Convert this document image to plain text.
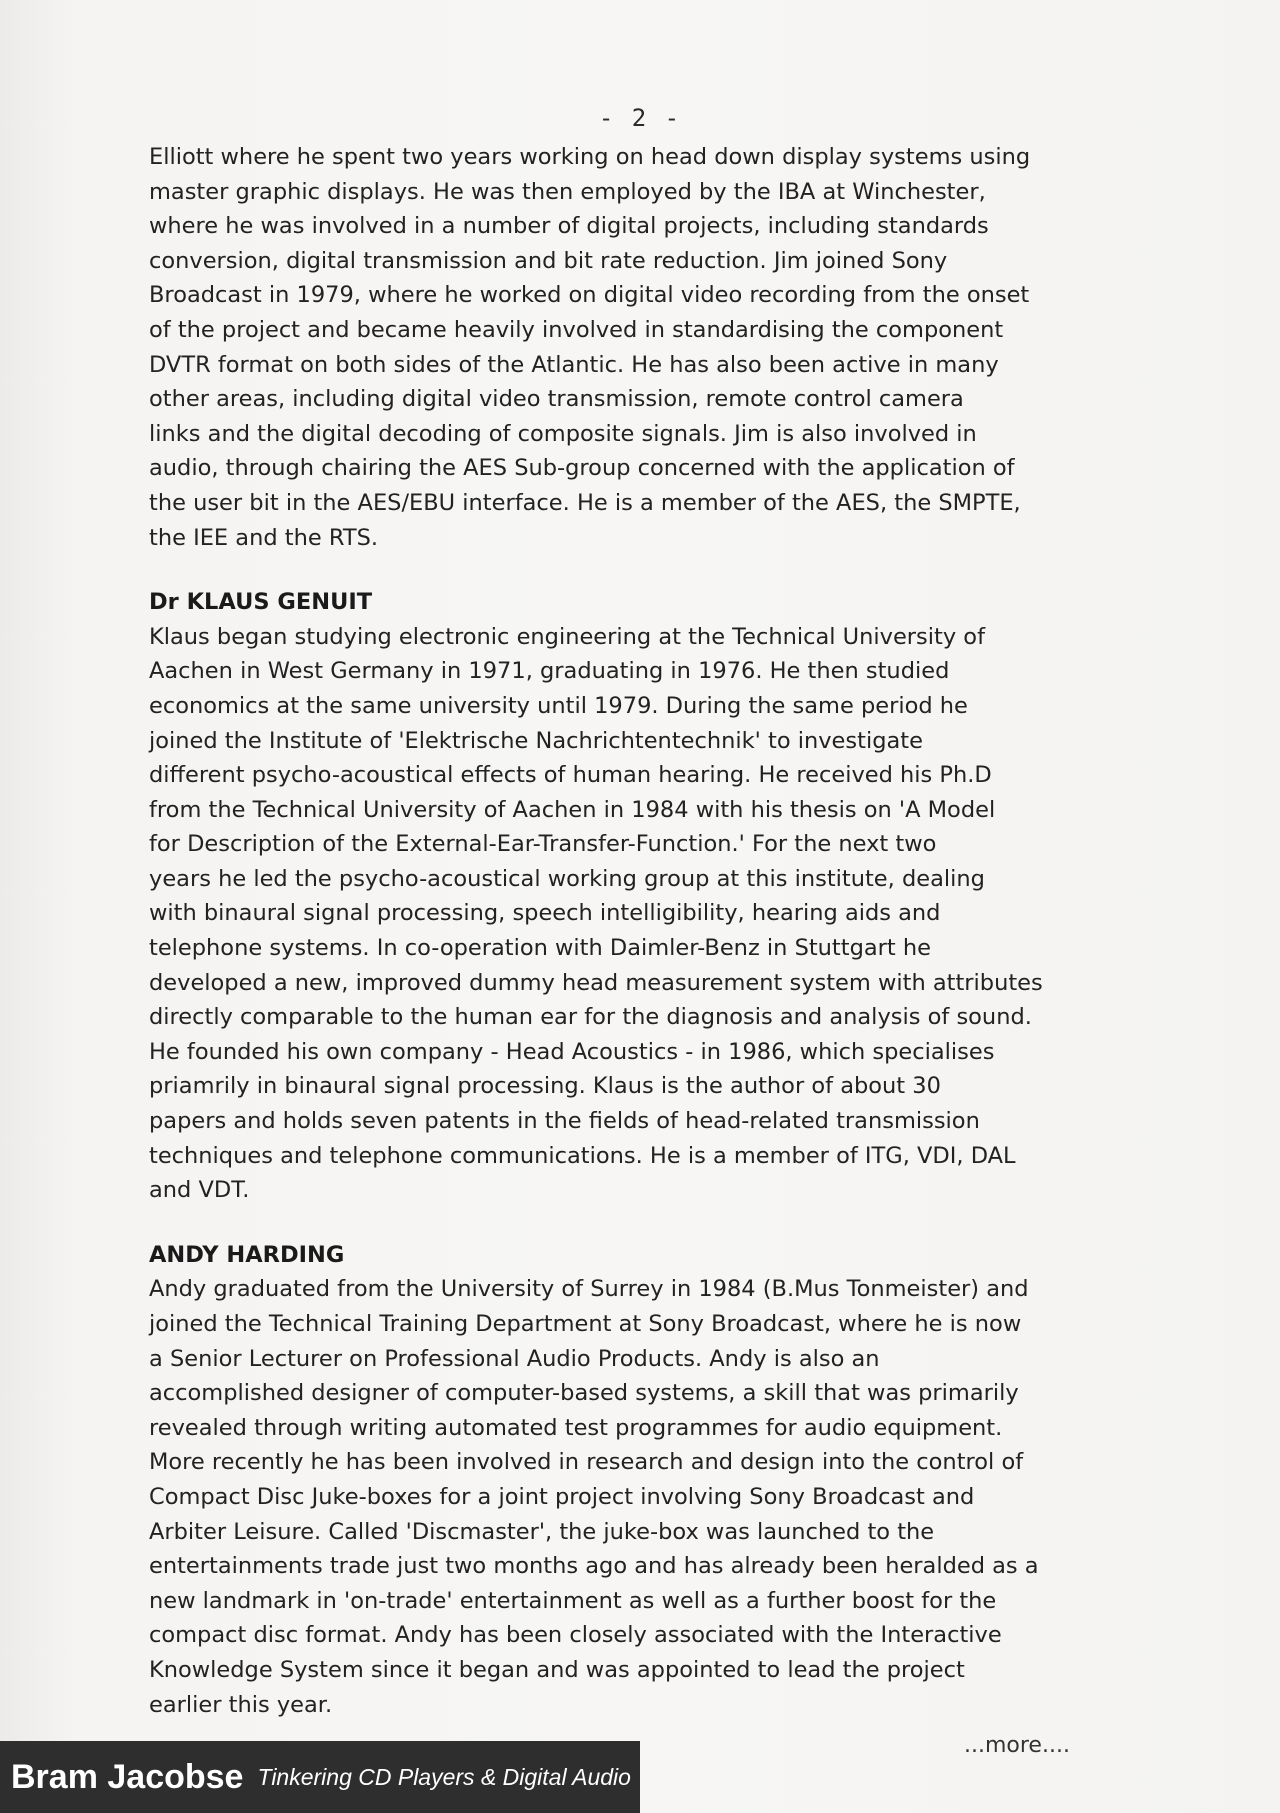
- 2 -
Elliott where he spent two years working on head down display systems using
master graphic displays. He was then employed by the IBA at Winchester,
where he was involved in a number of digital projects, including standards
conversion, digital transmission and bit rate reduction. Jim joined Sony
Broadcast in 1979, where he worked on digital video recording from the onset
of the project and became heavily involved in standardising the component
DVTR format on both sides of the Atlantic. He has also been active in many
other areas, including digital video transmission, remote control camera
links and the digital decoding of composite signals. Jim is also involved in
audio, through chairing the AES Sub-group concerned with the application of
the user bit in the AES/EBU interface. He is a member of the AES, the SMPTE,
the IEE and the RTS.
Dr KLAUS GENUIT
Klaus began studying electronic engineering at the Technical University of
Aachen in West Germany in 1971, graduating in 1976. He then studied
economics at the same university until 1979. During the same period he
joined the Institute of 'Elektrische Nachrichtentechnik' to investigate
different psycho-acoustical effects of human hearing. He received his Ph.D
from the Technical University of Aachen in 1984 with his thesis on 'A Model
for Description of the External-Ear-Transfer-Function.' For the next two
years he led the psycho-acoustical working group at this institute, dealing
with binaural signal processing, speech intelligibility, hearing aids and
telephone systems. In co-operation with Daimler-Benz in Stuttgart he
developed a new, improved dummy head measurement system with attributes
directly comparable to the human ear for the diagnosis and analysis of sound.
He founded his own company - Head Acoustics - in 1986, which specialises
priamrily in binaural signal processing. Klaus is the author of about 30
papers and holds seven patents in the fields of head-related transmission
techniques and telephone communications. He is a member of ITG, VDI, DAL
and VDT.
ANDY HARDING
Andy graduated from the University of Surrey in 1984 (B.Mus Tonmeister) and
joined the Technical Training Department at Sony Broadcast, where he is now
a Senior Lecturer on Professional Audio Products. Andy is also an
accomplished designer of computer-based systems, a skill that was primarily
revealed through writing automated test programmes for audio equipment.
More recently he has been involved in research and design into the control of
Compact Disc Juke-boxes for a joint project involving Sony Broadcast and
Arbiter Leisure. Called 'Discmaster', the juke-box was launched to the
entertainments trade just two months ago and has already been heralded as a
new landmark in 'on-trade' entertainment as well as a further boost for the
compact disc format. Andy has been closely associated with the Interactive
Knowledge System since it began and was appointed to lead the project
earlier this year.
...more....
Bram Jacobse Tinkering CD Players & Digital Audio
